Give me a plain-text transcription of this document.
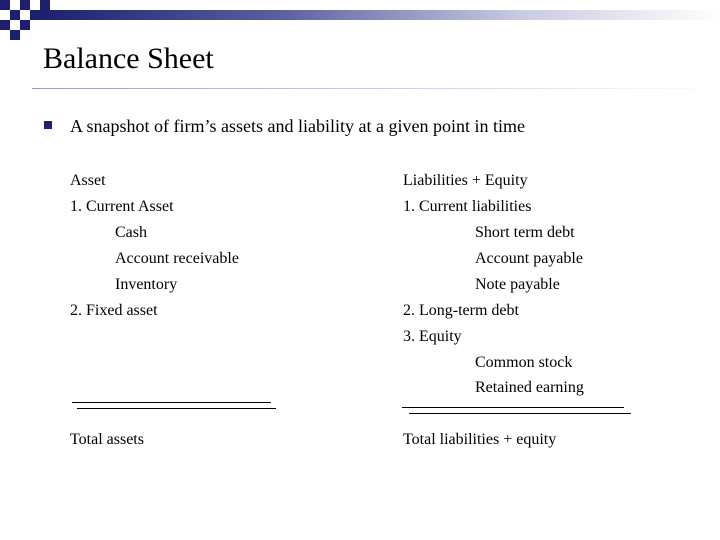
Balance Sheet
A snapshot of firm’s assets and liability at a given point in time
Asset
1. Current Asset
Cash
Account receivable
Inventory
2. Fixed asset
Total assets
Liabilities + Equity
1. Current liabilities
Short term debt
Account payable
Note payable
2. Long-term debt
3. Equity
Common stock
Retained earning
Total liabilities + equity
